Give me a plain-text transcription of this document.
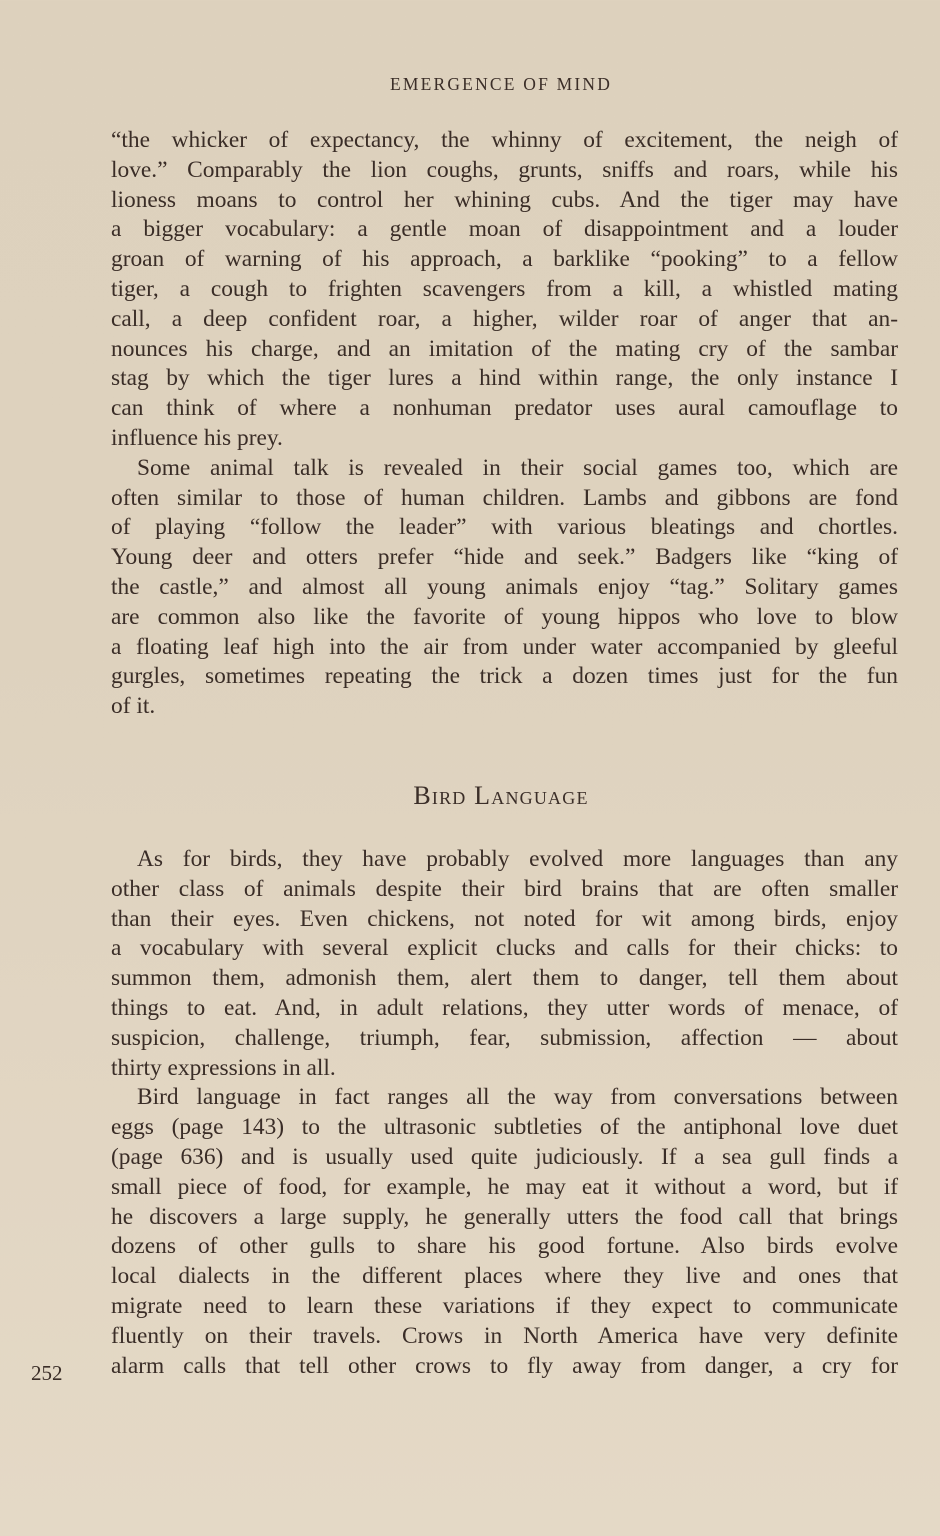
EMERGENCE OF MIND
“the whicker of expectancy, the whinny of excitement, the neigh of
love.” Comparably the lion coughs, grunts, sniffs and roars, while his
lioness moans to control her whining cubs. And the tiger may have
a bigger vocabulary: a gentle moan of disappointment and a louder
groan of warning of his approach, a barklike “pooking” to a fellow
tiger, a cough to frighten scavengers from a kill, a whistled mating
call, a deep confident roar, a higher, wilder roar of anger that an-
nounces his charge, and an imitation of the mating cry of the sambar
stag by which the tiger lures a hind within range, the only instance I
can think of where a nonhuman predator uses aural camouflage to
influence his prey.
Some animal talk is revealed in their social games too, which are
often similar to those of human children. Lambs and gibbons are fond
of playing “follow the leader” with various bleatings and chortles.
Young deer and otters prefer “hide and seek.” Badgers like “king of
the castle,” and almost all young animals enjoy “tag.” Solitary games
are common also like the favorite of young hippos who love to blow
a floating leaf high into the air from under water accompanied by gleeful
gurgles, sometimes repeating the trick a dozen times just for the fun
of it.
Bird Language
As for birds, they have probably evolved more languages than any
other class of animals despite their bird brains that are often smaller
than their eyes. Even chickens, not noted for wit among birds, enjoy
a vocabulary with several explicit clucks and calls for their chicks: to
summon them, admonish them, alert them to danger, tell them about
things to eat. And, in adult relations, they utter words of menace, of
suspicion, challenge, triumph, fear, submission, affection — about
thirty expressions in all.
Bird language in fact ranges all the way from conversations between
eggs (page 143) to the ultrasonic subtleties of the antiphonal love duet
(page 636) and is usually used quite judiciously. If a sea gull finds a
small piece of food, for example, he may eat it without a word, but if
he discovers a large supply, he generally utters the food call that brings
dozens of other gulls to share his good fortune. Also birds evolve
local dialects in the different places where they live and ones that
migrate need to learn these variations if they expect to communicate
fluently on their travels. Crows in North America have very definite
alarm calls that tell other crows to fly away from danger, a cry for
252
